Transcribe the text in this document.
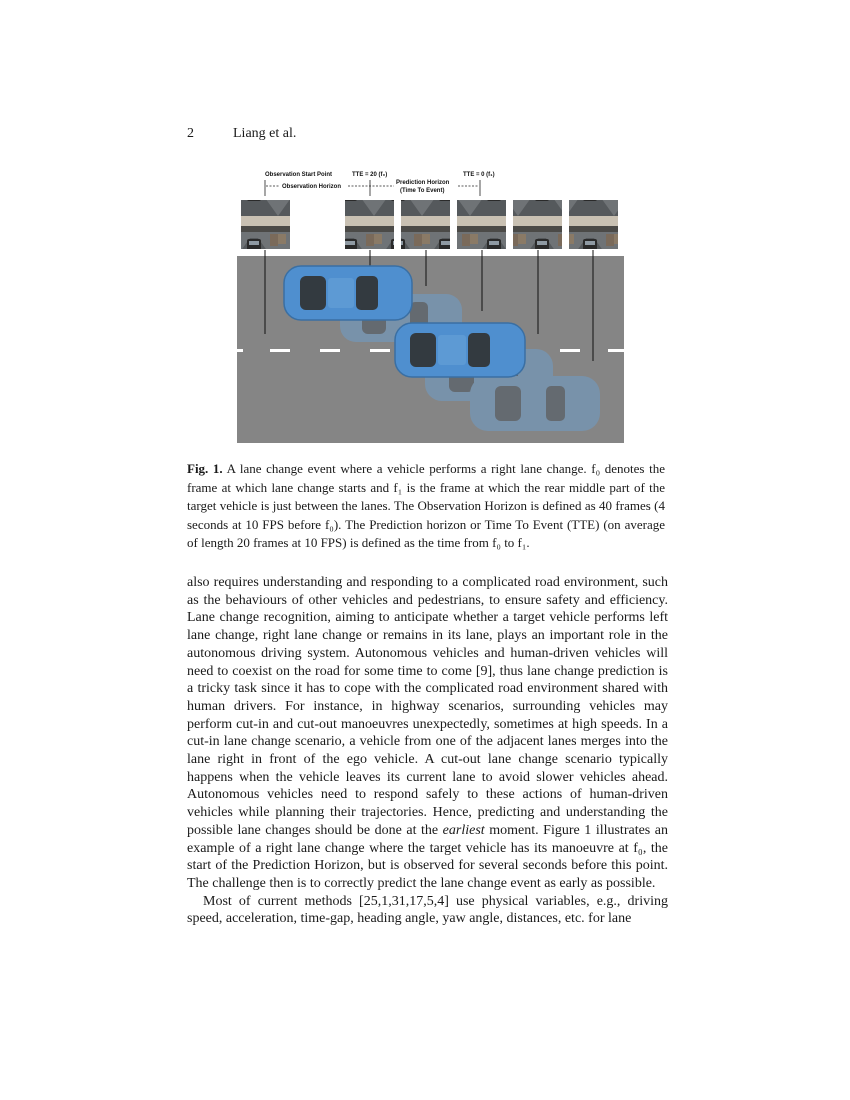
2	Liang et al.
Observation Start Point	TTE = 20 (f₀)	TTE = 0 (f₁)
Observation Horizon
Prediction Horizon
(Time To Event)
Fig. 1. A lane change event where a vehicle performs a right lane change. f₀ denotes the frame at which lane change starts and f₁ is the frame at which the rear middle part of the target vehicle is just between the lanes. The Observation Horizon is defined as 40 frames (4 seconds at 10 FPS before f₀). The Prediction horizon or Time To Event (TTE) (on average of length 20 frames at 10 FPS) is defined as the time from f₀ to f₁.

also requires understanding and responding to a complicated road environment, such as the behaviours of other vehicles and pedestrians, to ensure safety and efficiency. Lane change recognition, aiming to anticipate whether a target vehicle performs left lane change, right lane change or remains in its lane, plays an important role in the autonomous driving system. Autonomous vehicles and human-driven vehicles will need to coexist on the road for some time to come [9], thus lane change prediction is a tricky task since it has to cope with the complicated road environment shared with human drivers. For instance, in highway scenarios, surrounding vehicles may perform cut-in and cut-out manoeuvres unexpectedly, sometimes at high speeds. In a cut-in lane change scenario, a vehicle from one of the adjacent lanes merges into the lane right in front of the ego vehicle. A cut-out lane change scenario typically happens when the vehicle leaves its current lane to avoid slower vehicles ahead. Autonomous vehicles need to respond safely to these actions of human-driven vehicles while planning their trajectories. Hence, predicting and understanding the possible lane changes should be done at the earliest moment. Figure 1 illustrates an example of a right lane change where the target vehicle has its manoeuvre at f₀, the start of the Prediction Horizon, but is observed for several seconds before this point. The challenge then is to correctly predict the lane change event as early as possible.

Most of current methods [25,1,31,17,5,4] use physical variables, e.g., driving speed, acceleration, time-gap, heading angle, yaw angle, distances, etc. for lane
